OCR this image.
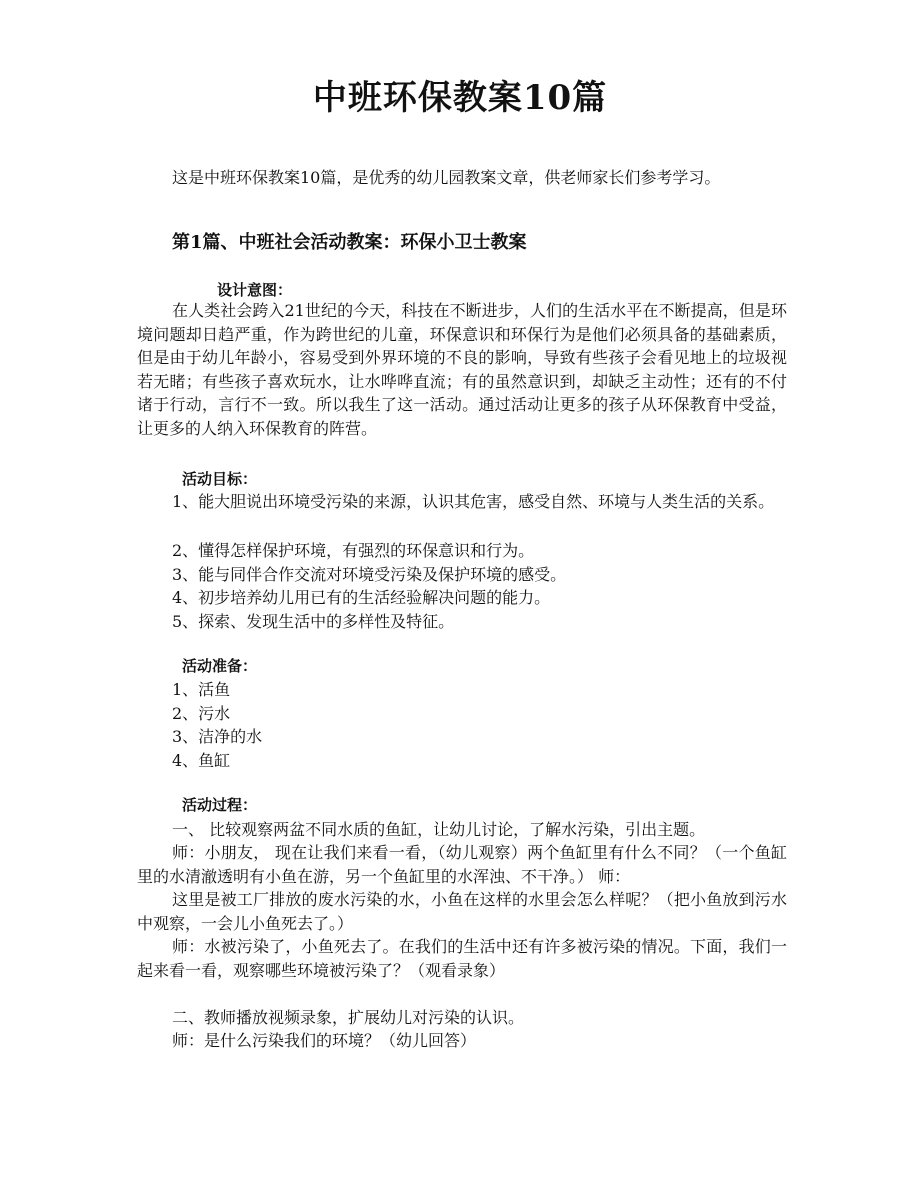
中班环保教案10篇
这是中班环保教案10篇，是优秀的幼儿园教案文章，供老师家长们参考学习。
第1篇、中班社会活动教案：环保小卫士教案
设计意图：
在人类社会跨入21世纪的今天，科技在不断进步，人们的生活水平在不断提高，但是环境问题却日趋严重，作为跨世纪的儿童，环保意识和环保行为是他们必须具备的基础素质，但是由于幼儿年龄小，容易受到外界环境的不良的影响，导致有些孩子会看见地上的垃圾视若无睹；有些孩子喜欢玩水，让水哗哗直流；有的虽然意识到，却缺乏主动性；还有的不付诸于行动，言行不一致。所以我生了这一活动。通过活动让更多的孩子从环保教育中受益，让更多的人纳入环保教育的阵营。
活动目标：
1、能大胆说出环境受污染的来源，认识其危害，感受自然、环境与人类生活的关系。
2、懂得怎样保护环境，有强烈的环保意识和行为。
3、能与同伴合作交流对环境受污染及保护环境的感受。
4、初步培养幼儿用已有的生活经验解决问题的能力。
5、探索、发现生活中的多样性及特征。
活动准备：
1、活鱼
2、污水
3、洁净的水
4、鱼缸
活动过程：
一、 比较观察两盆不同水质的鱼缸，让幼儿讨论，了解水污染，引出主题。
师：小朋友， 现在让我们来看一看，（幼儿观察）两个鱼缸里有什么不同？（一个鱼缸里的水清澈透明有小鱼在游，另一个鱼缸里的水浑浊、不干净。） 师：
这里是被工厂排放的废水污染的水，小鱼在这样的水里会怎么样呢？（把小鱼放到污水中观察，一会儿小鱼死去了。）
师：水被污染了，小鱼死去了。在我们的生活中还有许多被污染的情况。下面，我们一起来看一看，观察哪些环境被污染了？（观看录象）
二、教师播放视频录象，扩展幼儿对污染的认识。
师：是什么污染我们的环境？（幼儿回答）
